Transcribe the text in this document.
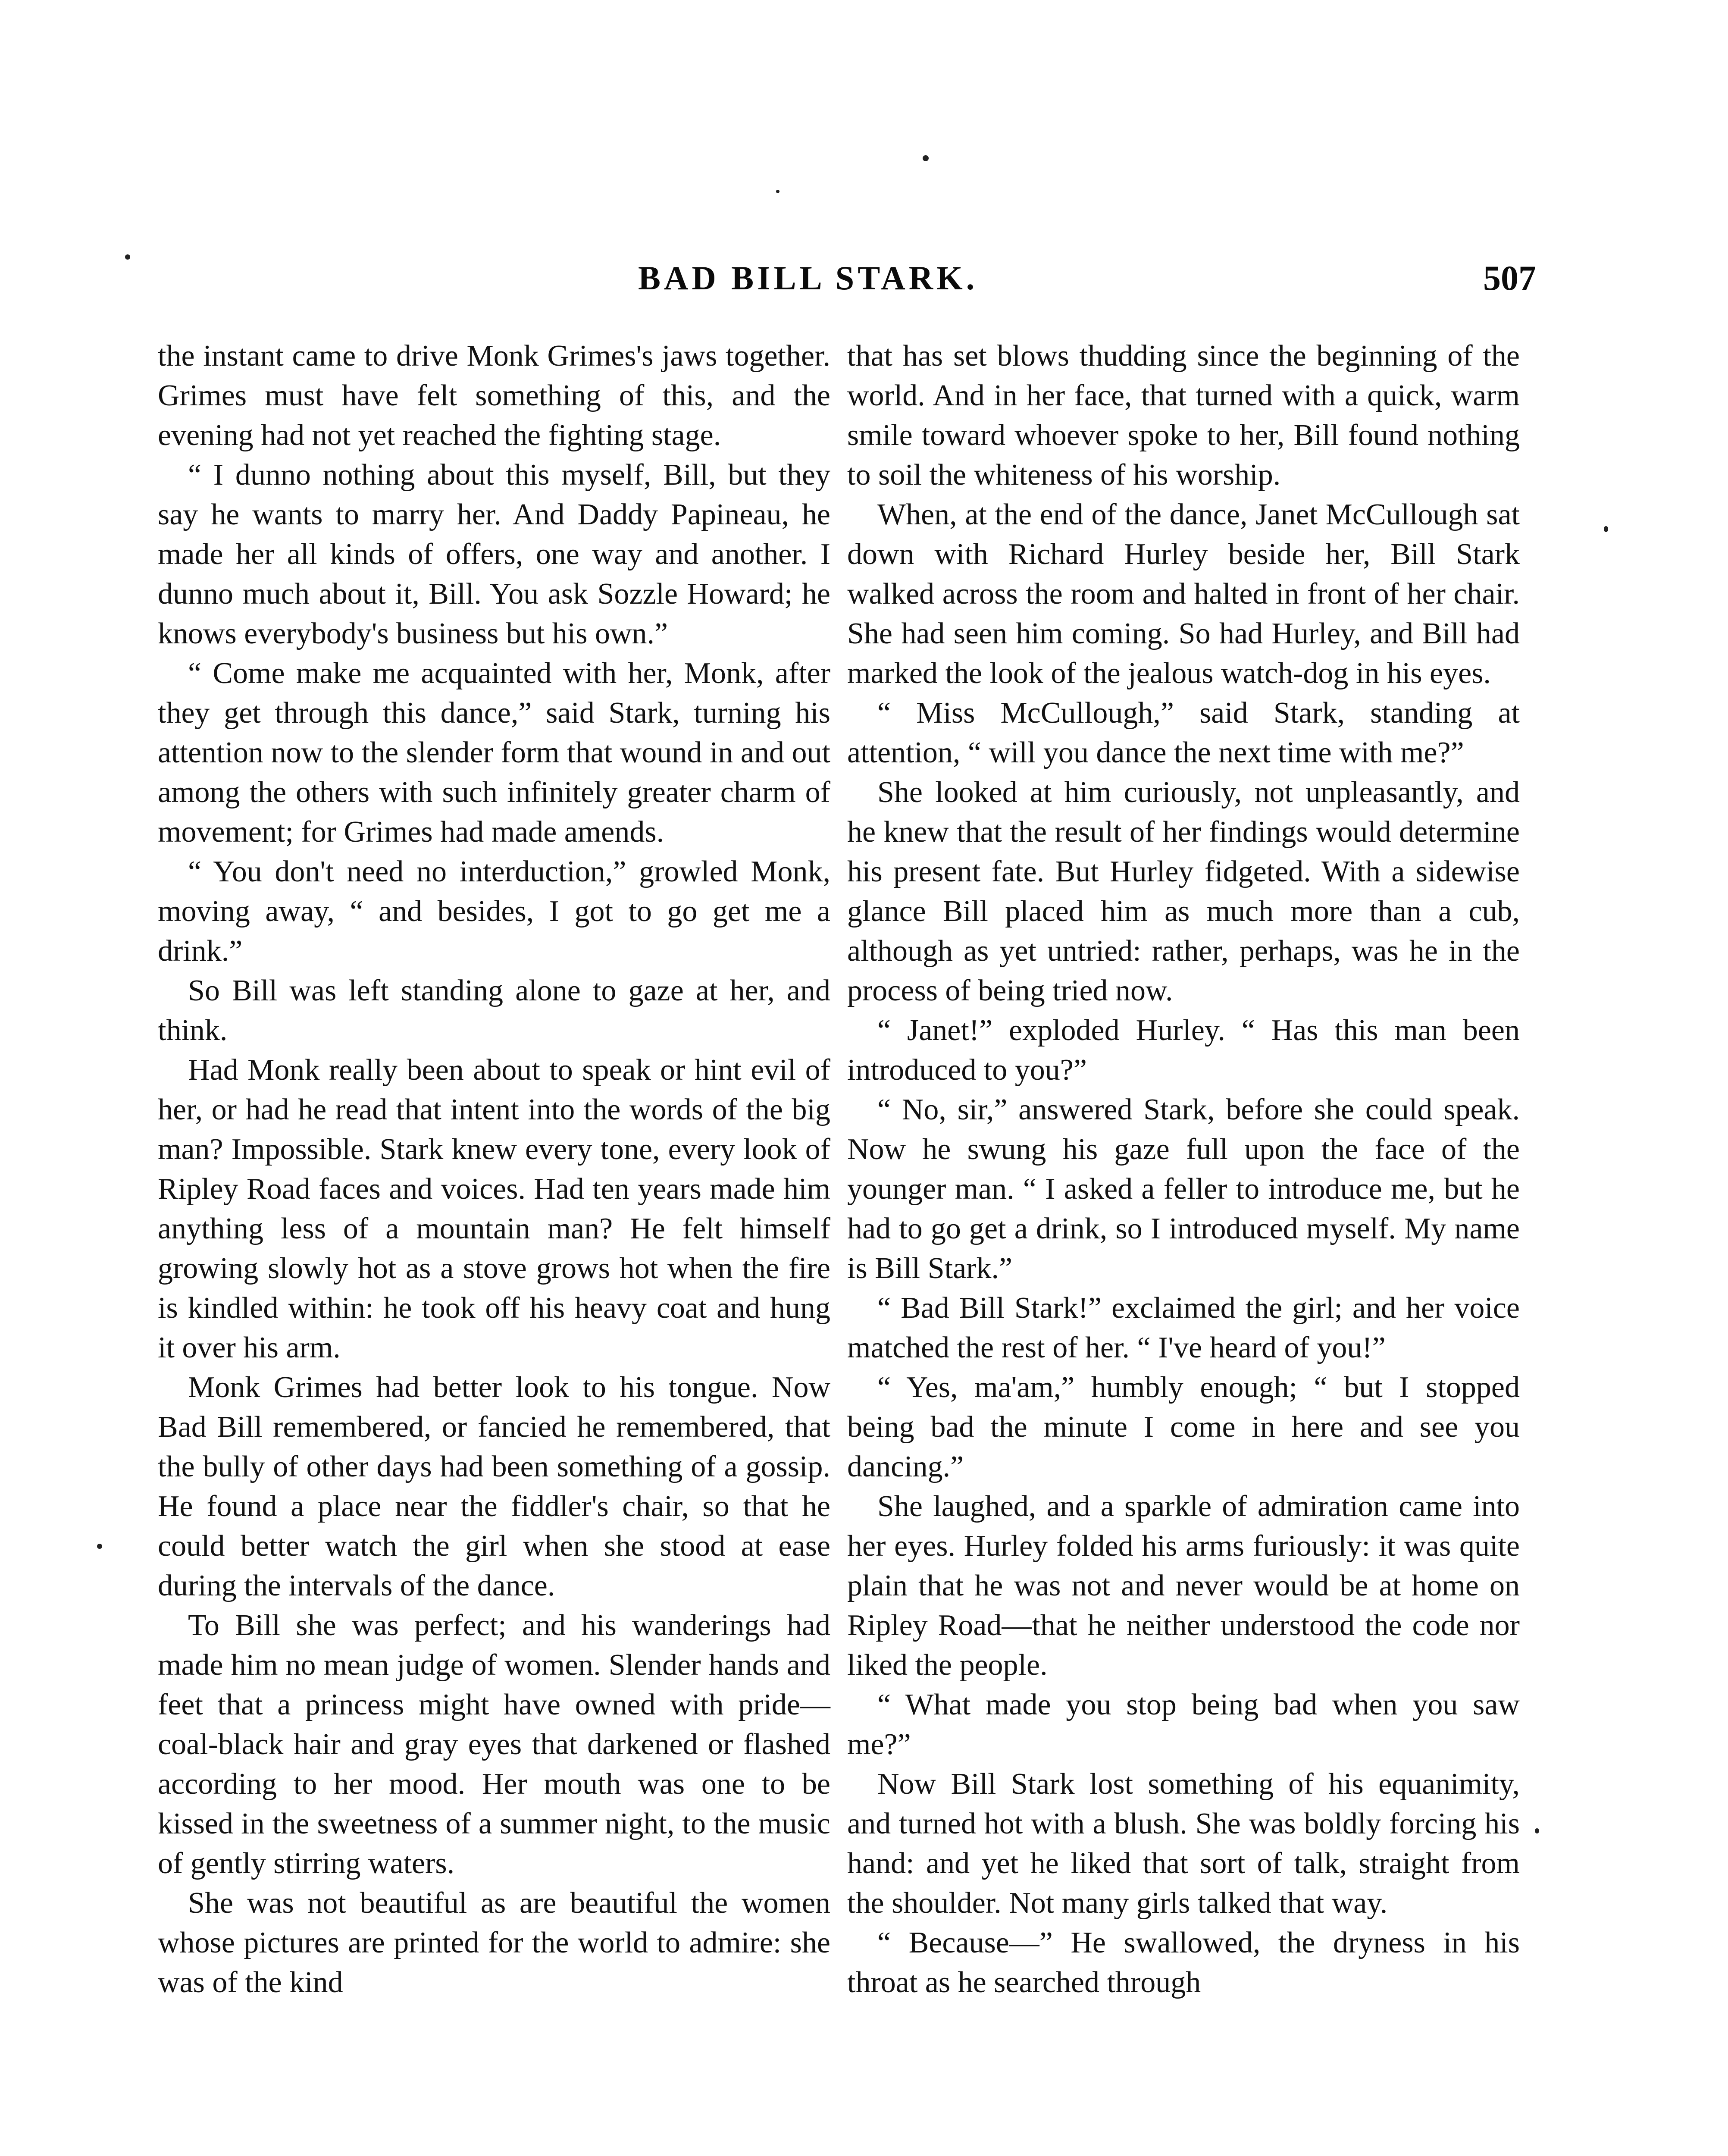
BAD BILL STARK.	507

the instant came to drive Monk Grimes's jaws together. Grimes must have felt something of this, and the evening had not yet reached the fighting stage.

“ I dunno nothing about this myself, Bill, but they say he wants to marry her. And Daddy Papineau, he made her all kinds of offers, one way and another. I dunno much about it, Bill. You ask Sozzle Howard; he knows everybody's business but his own.”

“ Come make me acquainted with her, Monk, after they get through this dance,” said Stark, turning his attention now to the slender form that wound in and out among the others with such infinitely greater charm of movement; for Grimes had made amends.

“ You don't need no interduction,” growled Monk, moving away, “ and besides, I got to go get me a drink.”

So Bill was left standing alone to gaze at her, and think.

Had Monk really been about to speak or hint evil of her, or had he read that intent into the words of the big man? Impossible. Stark knew every tone, every look of Ripley Road faces and voices. Had ten years made him anything less of a mountain man? He felt himself growing slowly hot as a stove grows hot when the fire is kindled within: he took off his heavy coat and hung it over his arm.

Monk Grimes had better look to his tongue. Now Bad Bill remembered, or fancied he remembered, that the bully of other days had been something of a gossip. He found a place near the fiddler's chair, so that he could better watch the girl when she stood at ease during the intervals of the dance.

To Bill she was perfect; and his wanderings had made him no mean judge of women. Slender hands and feet that a princess might have owned with pride—coal-black hair and gray eyes that darkened or flashed according to her mood. Her mouth was one to be kissed in the sweetness of a summer night, to the music of gently stirring waters.

She was not beautiful as are beautiful the women whose pictures are printed for the world to admire: she was of the kind

that has set blows thudding since the beginning of the world. And in her face, that turned with a quick, warm smile toward whoever spoke to her, Bill found nothing to soil the whiteness of his worship.

When, at the end of the dance, Janet McCullough sat down with Richard Hurley beside her, Bill Stark walked across the room and halted in front of her chair. She had seen him coming. So had Hurley, and Bill had marked the look of the jealous watch-dog in his eyes.

“ Miss McCullough,” said Stark, standing at attention, “ will you dance the next time with me?”

She looked at him curiously, not unpleasantly, and he knew that the result of her findings would determine his present fate. But Hurley fidgeted. With a sidewise glance Bill placed him as much more than a cub, although as yet untried: rather, perhaps, was he in the process of being tried now.

“ Janet!” exploded Hurley. “ Has this man been introduced to you?”

“ No, sir,” answered Stark, before she could speak. Now he swung his gaze full upon the face of the younger man. “ I asked a feller to introduce me, but he had to go get a drink, so I introduced myself. My name is Bill Stark.”

“ Bad Bill Stark!” exclaimed the girl; and her voice matched the rest of her. “ I've heard of you!”

“ Yes, ma'am,” humbly enough; “ but I stopped being bad the minute I come in here and see you dancing.”

She laughed, and a sparkle of admiration came into her eyes. Hurley folded his arms furiously: it was quite plain that he was not and never would be at home on Ripley Road—that he neither understood the code nor liked the people.

“ What made you stop being bad when you saw me?”

Now Bill Stark lost something of his equanimity, and turned hot with a blush. She was boldly forcing his hand: and yet he liked that sort of talk, straight from the shoulder. Not many girls talked that way.

“ Because—” He swallowed, the dryness in his throat as he searched through
